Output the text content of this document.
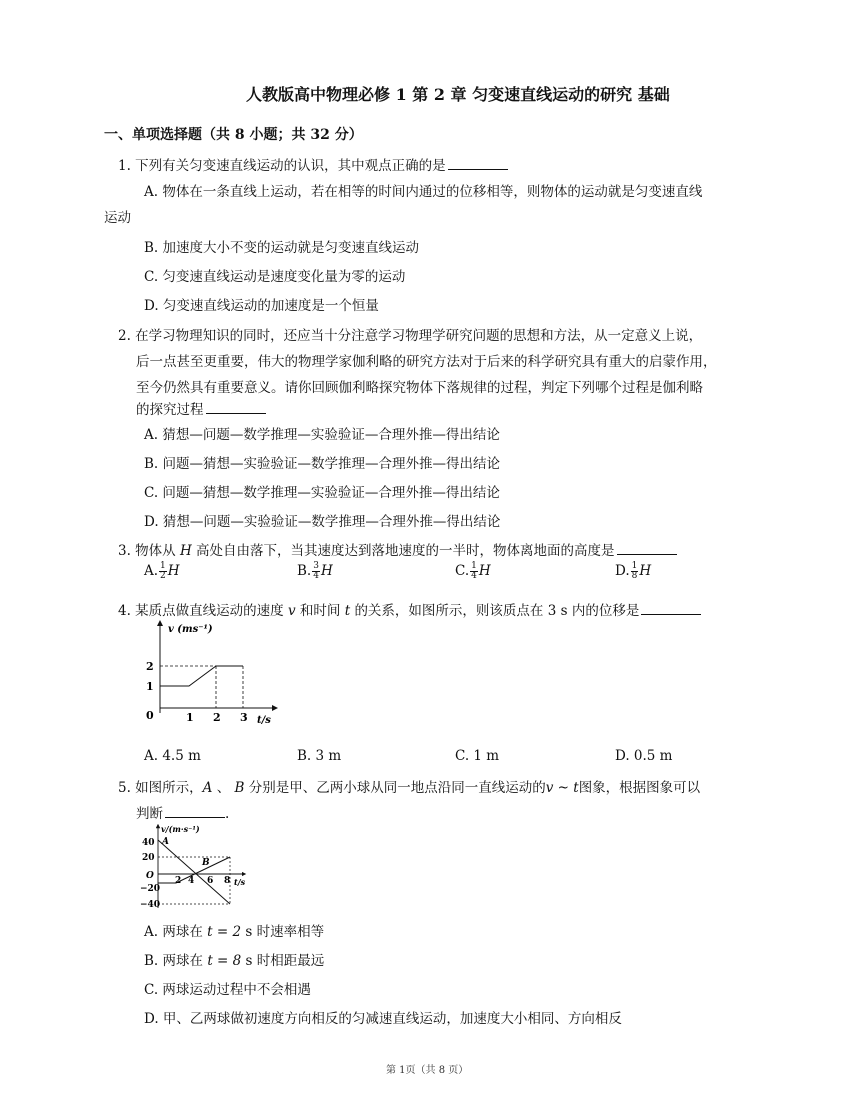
人教版高中物理必修 1 第 2 章 匀变速直线运动的研究 基础
一、单项选择题（共 8 小题；共 32 分）
1. 下列有关匀变速直线运动的认识，其中观点正确的是
A. 物体在一条直线上运动，若在相等的时间内通过的位移相等，则物体的运动就是匀变速直线
运动
B. 加速度大小不变的运动就是匀变速直线运动
C. 匀变速直线运动是速度变化量为零的运动
D. 匀变速直线运动的加速度是一个恒量
2. 在学习物理知识的同时，还应当十分注意学习物理学研究问题的思想和方法，从一定意义上说，
后一点甚至更重要，伟大的物理学家伽利略的研究方法对于后来的科学研究具有重大的启蒙作用，
至今仍然具有重要意义。请你回顾伽利略探究物体下落规律的过程，判定下列哪个过程是伽利略
的探究过程
A. 猜想—问题—数学推理—实验验证—合理外推—得出结论
B. 问题—猜想—实验验证—数学推理—合理外推—得出结论
C. 问题—猜想—数学推理—实验验证—合理外推—得出结论
D. 猜想—问题—实验验证—数学推理—合理外推—得出结论
3. 物体从 H 高处自由落下，当其速度达到落地速度的一半时，物体离地面的高度是
A. $\frac{1}{2}$ H	B. $\frac{3}{4}$ H	C. $\frac{1}{4}$ H	D. $\frac{1}{8}$ H
4. 某质点做直线运动的速度 v 和时间 t 的关系，如图所示，则该质点在 3 s 内的位移是
v (ms⁻¹)
2
1
0	1 2 3 t/s
A. 4.5 m	B. 3 m	C. 1 m	D. 0.5 m
5. 如图所示，A 、 B 分别是甲、乙两小球从同一地点沿同一直线运动的v ~ t图象，根据图象可以
判断	.
v/(m·s⁻¹)
A
B
40
20
O
−20
−40
2 4 6 8 t/s
A. 两球在 t = 2 s 时速率相等
B. 两球在 t = 8 s 时相距最远
C. 两球运动过程中不会相遇
D. 甲、乙两球做初速度方向相反的匀减速直线运动，加速度大小相同、方向相反
第 1页（共 8 页）
